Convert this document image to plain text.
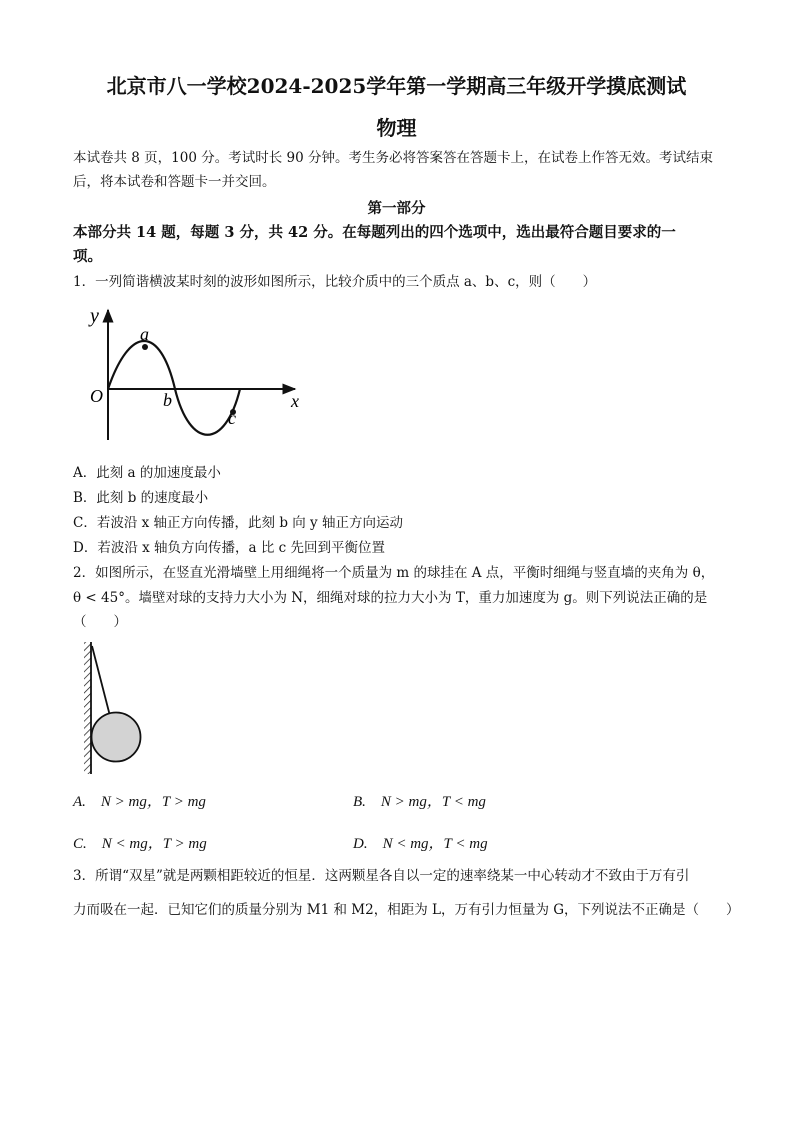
北京市八一学校2024-2025学年第一学期高三年级开学摸底测试
物理
本试卷共 8 页，100 分。考试时长 90 分钟。考生务必将答案答在答题卡上，在试卷上作答无效。考试结束
后，将本试卷和答题卡一并交回。
第一部分
本部分共 14 题，每题 3 分，共 42 分。在每题列出的四个选项中，选出最符合题目要求的一
项。
1．一列简谐横波某时刻的波形如图所示，比较介质中的三个质点 a、b、c，则（　　）
y
x
O
a
b
c
A．此刻 a 的加速度最小
B．此刻 b 的速度最小
C．若波沿 x 轴正方向传播，此刻 b 向 y 轴正方向运动
D．若波沿 x 轴负方向传播，a 比 c 先回到平衡位置
2．如图所示，在竖直光滑墙壁上用细绳将一个质量为 m 的球挂在 A 点，平衡时细绳与竖直墙的夹角为 θ，
θ < 45°。墙壁对球的支持力大小为 N，细绳对球的拉力大小为 T，重力加速度为 g。则下列说法正确的是
（　　）
A.　N > mg，T > mg	B.　N > mg，T < mg
C.　N < mg，T > mg	D.　N < mg，T < mg
3．所谓“双星”就是两颗相距较近的恒星．这两颗星各自以一定的速率绕某一中心转动才不致由于万有引
力而吸在一起．已知它们的质量分别为 M1 和 M2，相距为 L，万有引力恒量为 G，下列说法不正确是（　　）
